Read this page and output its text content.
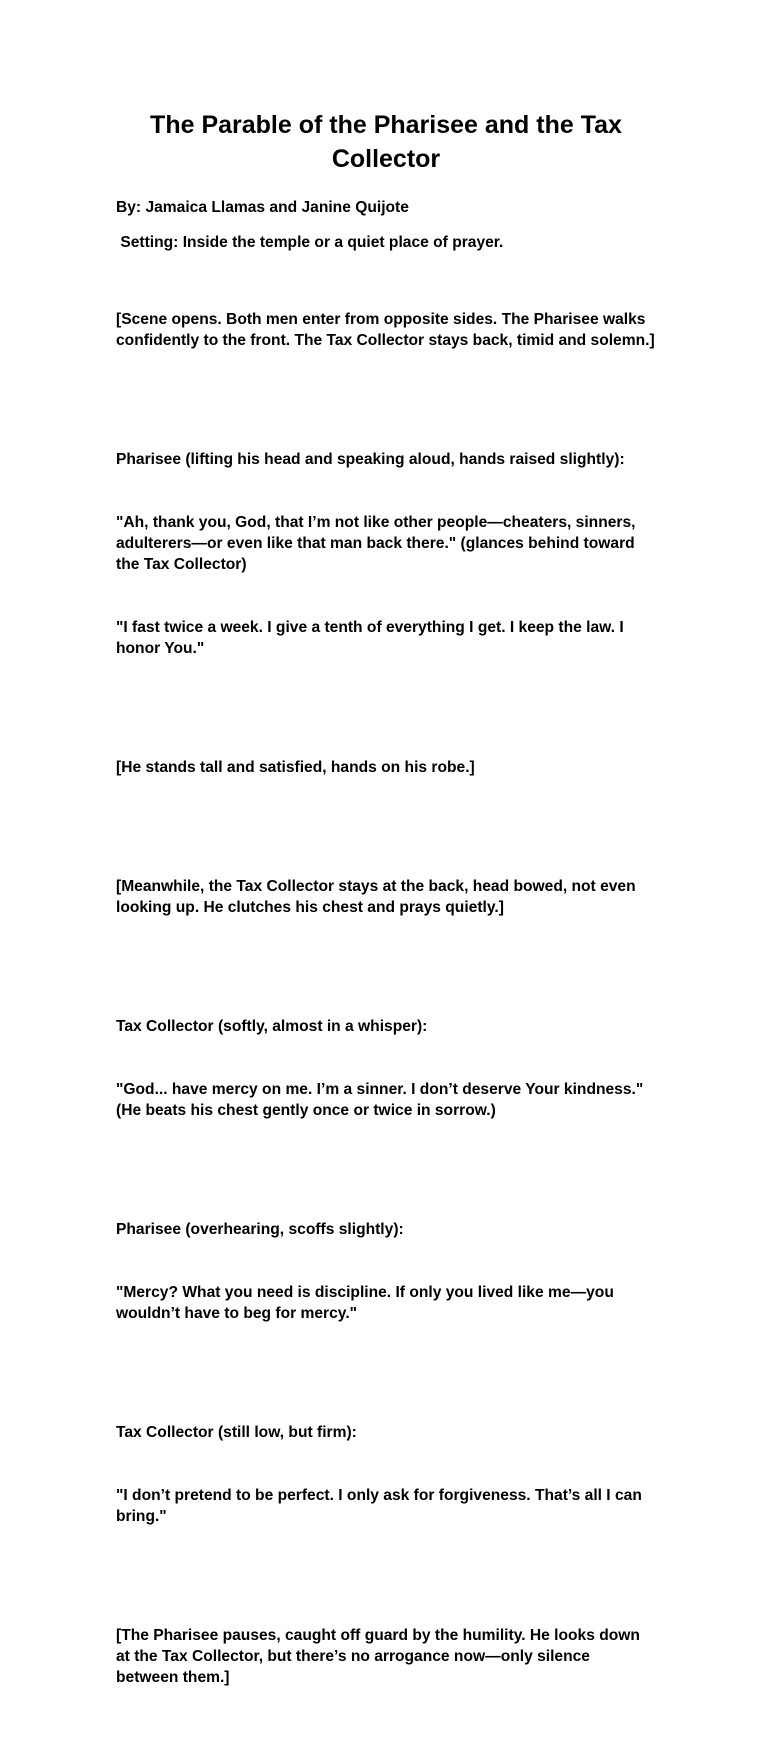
The Parable of the Pharisee and the Tax Collector
By: Jamaica Llamas and Janine Quijote
Setting: Inside the temple or a quiet place of prayer.

[Scene opens. Both men enter from opposite sides. The Pharisee walks confidently to the front. The Tax Collector stays back, timid and solemn.]

Pharisee (lifting his head and speaking aloud, hands raised slightly):

"Ah, thank you, God, that I’m not like other people—cheaters, sinners, adulterers—or even like that man back there." (glances behind toward the Tax Collector)

"I fast twice a week. I give a tenth of everything I get. I keep the law. I honor You."

[He stands tall and satisfied, hands on his robe.]

[Meanwhile, the Tax Collector stays at the back, head bowed, not even looking up. He clutches his chest and prays quietly.]

Tax Collector (softly, almost in a whisper):

"God... have mercy on me. I’m a sinner. I don’t deserve Your kindness." (He beats his chest gently once or twice in sorrow.)

Pharisee (overhearing, scoffs slightly):

"Mercy? What you need is discipline. If only you lived like me—you wouldn’t have to beg for mercy."

Tax Collector (still low, but firm):

"I don’t pretend to be perfect. I only ask for forgiveness. That’s all I can bring."

[The Pharisee pauses, caught off guard by the humility. He looks down at the Tax Collector, but there’s no arrogance now—only silence between them.]
